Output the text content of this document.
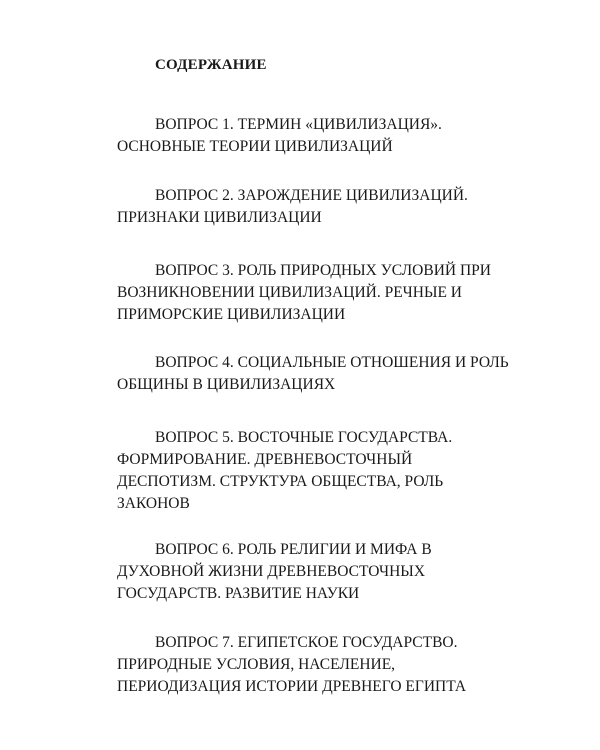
СОДЕРЖАНИЕ
ВОПРОС 1. ТЕРМИН «ЦИВИЛИЗАЦИЯ».
ОСНОВНЫЕ ТЕОРИИ ЦИВИЛИЗАЦИЙ
ВОПРОС 2. ЗАРОЖДЕНИЕ ЦИВИЛИЗАЦИЙ.
ПРИЗНАКИ ЦИВИЛИЗАЦИИ
ВОПРОС 3. РОЛЬ ПРИРОДНЫХ УСЛОВИЙ ПРИ
ВОЗНИКНОВЕНИИ ЦИВИЛИЗАЦИЙ. РЕЧНЫЕ И
ПРИМОРСКИЕ ЦИВИЛИЗАЦИИ
ВОПРОС 4. СОЦИАЛЬНЫЕ ОТНОШЕНИЯ И РОЛЬ
ОБЩИНЫ В ЦИВИЛИЗАЦИЯХ
ВОПРОС 5. ВОСТОЧНЫЕ ГОСУДАРСТВА.
ФОРМИРОВАНИЕ. ДРЕВНЕВОСТОЧНЫЙ
ДЕСПОТИЗМ. СТРУКТУРА ОБЩЕСТВА, РОЛЬ
ЗАКОНОВ
ВОПРОС 6. РОЛЬ РЕЛИГИИ И МИФА В
ДУХОВНОЙ ЖИЗНИ ДРЕВНЕВОСТОЧНЫХ
ГОСУДАРСТВ. РАЗВИТИЕ НАУКИ
ВОПРОС 7. ЕГИПЕТСКОЕ ГОСУДАРСТВО.
ПРИРОДНЫЕ УСЛОВИЯ, НАСЕЛЕНИЕ,
ПЕРИОДИЗАЦИЯ ИСТОРИИ ДРЕВНЕГО ЕГИПТА
